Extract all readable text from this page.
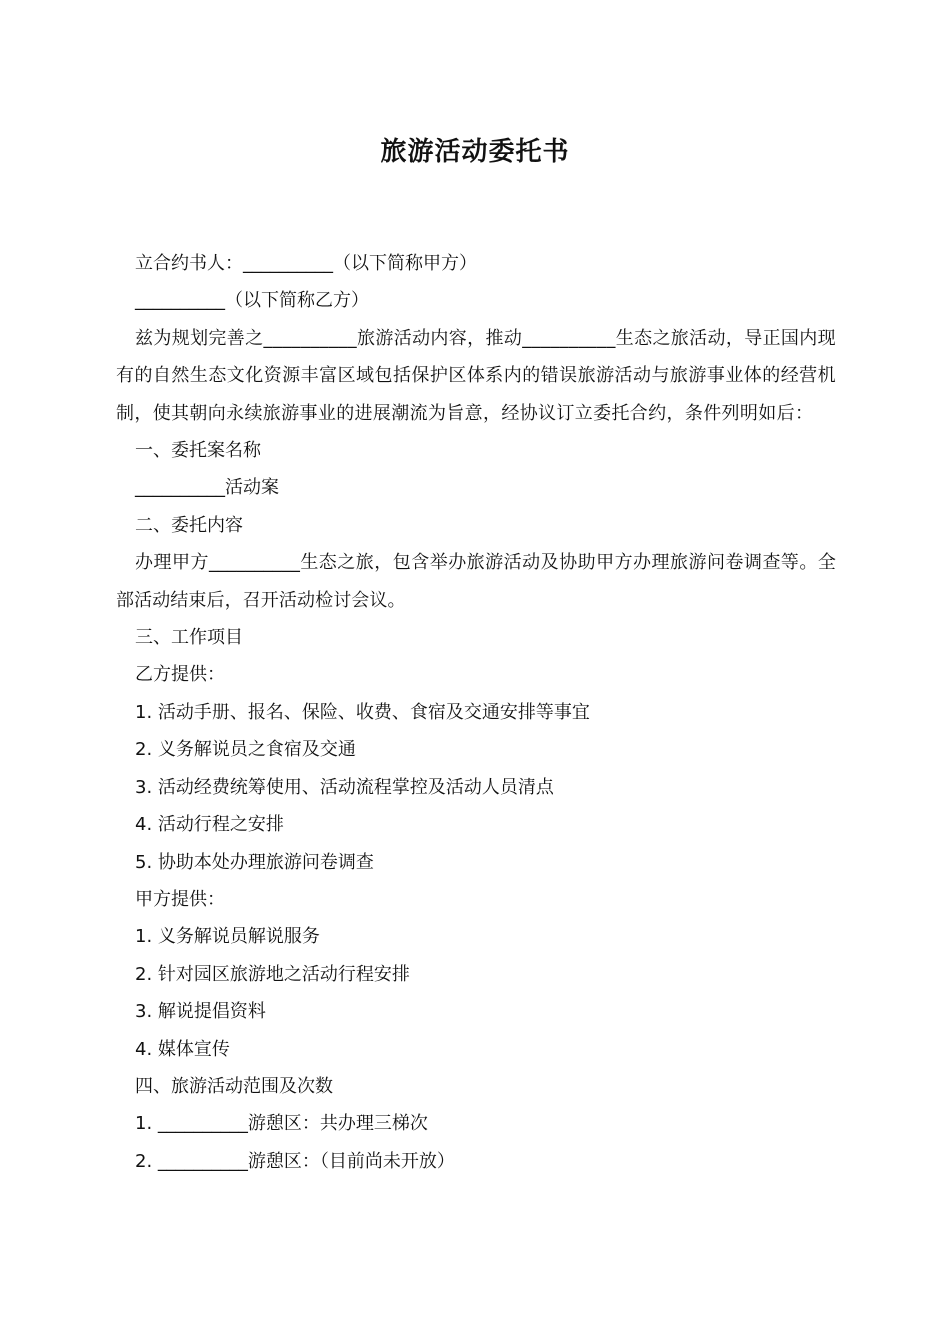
旅游活动委托书

立合约书人：__________（以下简称甲方）

__________（以下简称乙方）

兹为规划完善之__________旅游活动内容，推动__________生态之旅活动，导正国内现有的自然生态文化资源丰富区域包括保护区体系内的错误旅游活动与旅游事业体的经营机制，使其朝向永续旅游事业的进展潮流为旨意，经协议订立委托合约，条件列明如后：

一、委托案名称

__________活动案

二、委托内容

办理甲方__________生态之旅，包含举办旅游活动及协助甲方办理旅游问卷调查等。全部活动结束后，召开活动检讨会议。

三、工作项目

乙方提供：

1. 活动手册、报名、保险、收费、食宿及交通安排等事宜

2. 义务解说员之食宿及交通

3. 活动经费统筹使用、活动流程掌控及活动人员清点

4. 活动行程之安排

5. 协助本处办理旅游问卷调查

甲方提供：

1. 义务解说员解说服务

2. 针对园区旅游地之活动行程安排

3. 解说提倡资料

4. 媒体宣传

四、旅游活动范围及次数

1. __________游憩区：共办理三梯次

2. __________游憩区：（目前尚未开放）
